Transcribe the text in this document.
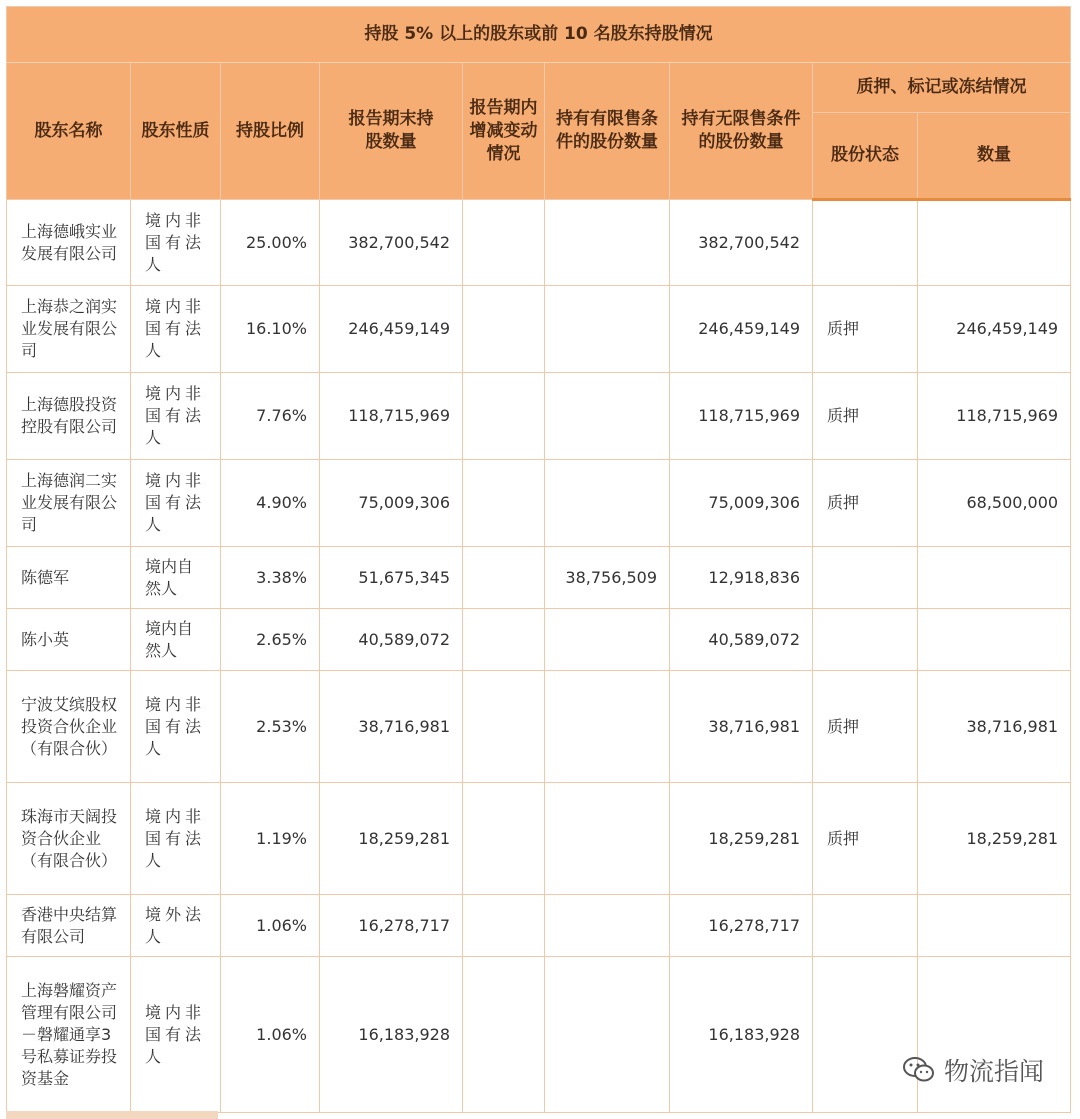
持股 5% 以上的股东或前 10 名股东持股情况								
股东名称	股东性质	持股比例	报告期末持股数量	报告期内增减变动情况	持有有限售条件的股份数量	持有无限售条件的股份数量	质押、标记或冻结情况	
							股份状态	数量
上海德峨实业发展有限公司	境内非国有法人	25.00%	382,700,542			382,700,542		
上海恭之润实业发展有限公司	境内非国有法人	16.10%	246,459,149			246,459,149	质押	246,459,149
上海德股投资控股有限公司	境内非国有法人	7.76%	118,715,969			118,715,969	质押	118,715,969
上海德润二实业发展有限公司	境内非国有法人	4.90%	75,009,306			75,009,306	质押	68,500,000
陈德军	境内自然人	3.38%	51,675,345		38,756,509	12,918,836		
陈小英	境内自然人	2.65%	40,589,072			40,589,072		
宁波艾缤股权投资合伙企业（有限合伙）	境内非国有法人	2.53%	38,716,981			38,716,981	质押	38,716,981
珠海市天阔投资合伙企业（有限合伙）	境内非国有法人	1.19%	18,259,281			18,259,281	质押	18,259,281
香港中央结算有限公司	境外法人	1.06%	16,278,717			16,278,717		
上海磐耀资产管理有限公司－磐耀通享3号私募证券投资基金	境内非国有法人	1.06%	16,183,928			16,183,928		
物流指闻
